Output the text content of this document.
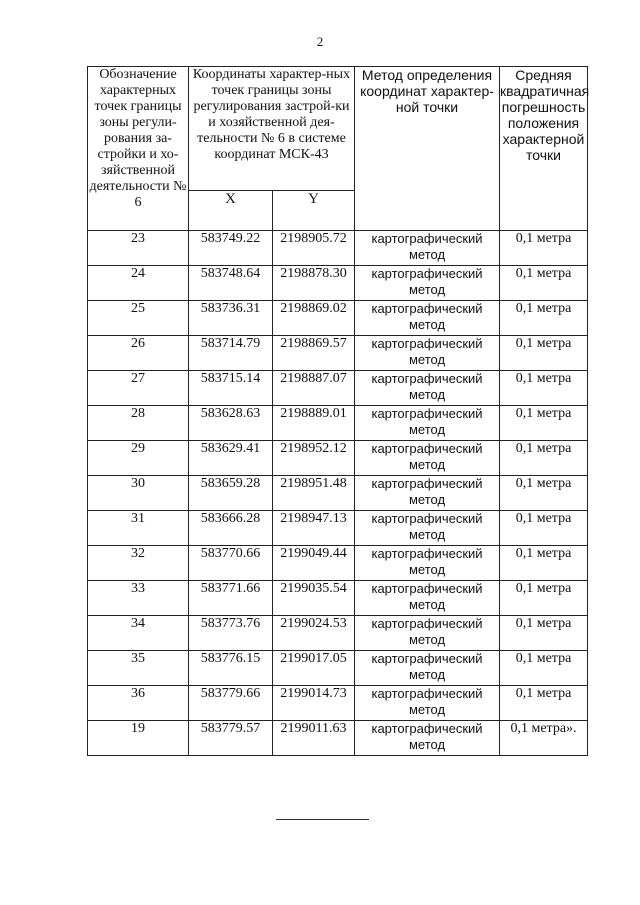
2
Обозначение характерных точек границы зоны регули-рования за-стройки и хо-зяйственной деятельности № 6	Координаты характер-ных точек границы зоны регулирования застрой-ки и хозяйственной дея-тельности № 6 в системе координат МСК-43		Метод определения координат характер-ной точки	Средняя квадратичная погрешность положения характерной точки
	X	Y		
23	583749.22	2198905.72	картографический метод	0,1 метра
24	583748.64	2198878.30	картографический метод	0,1 метра
25	583736.31	2198869.02	картографический метод	0,1 метра
26	583714.79	2198869.57	картографический метод	0,1 метра
27	583715.14	2198887.07	картографический метод	0,1 метра
28	583628.63	2198889.01	картографический метод	0,1 метра
29	583629.41	2198952.12	картографический метод	0,1 метра
30	583659.28	2198951.48	картографический метод	0,1 метра
31	583666.28	2198947.13	картографический метод	0,1 метра
32	583770.66	2199049.44	картографический метод	0,1 метра
33	583771.66	2199035.54	картографический метод	0,1 метра
34	583773.76	2199024.53	картографический метод	0,1 метра
35	583776.15	2199017.05	картографический метод	0,1 метра
36	583779.66	2199014.73	картографический метод	0,1 метра
19	583779.57	2199011.63	картографический метод	0,1 метра».
